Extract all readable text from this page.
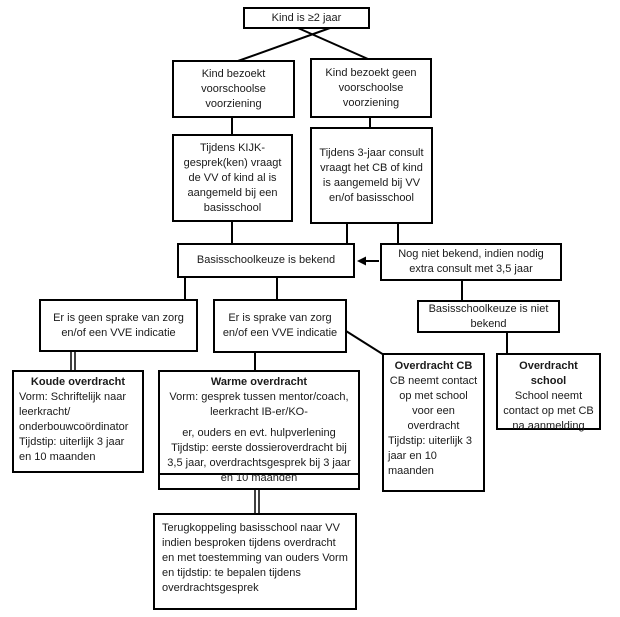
Kind is ≥2 jaar
Kind bezoekt voorschoolse voorziening
Kind bezoekt geen voorschoolse voorziening
Tijdens KIJK-gesprek(ken) vraagt de VV of kind al is aangemeld bij een basisschool
Tijdens 3-jaar consult vraagt het CB of kind is aangemeld bij VV en/of basisschool
Basisschoolkeuze is bekend	Nog niet bekend, indien nodig extra consult met 3,5 jaar
Er is geen sprake van zorg en/of een VVE indicatie
Er is sprake van zorg en/of een VVE indicatie
Basisschoolkeuze is niet bekend
Koude overdracht
Vorm: Schriftelijk naar leerkracht/ onderbouwcoördinator Tijdstip: uiterlijk 3 jaar en 10 maanden
Warme overdracht
Vorm: gesprek tussen mentor/coach, leerkracht IB-er/KO-
er, ouders en evt. hulpverlening Tijdstip: eerste dossieroverdracht bij 3,5 jaar, overdrachtsgesprek bij 3 jaar en 10 maanden
Overdracht CB
CB neemt contact op met school voor een overdracht
Tijdstip: uiterlijk 3 jaar en 10 maanden
Overdracht school
School neemt contact op met CB na aanmelding
Terugkoppeling basisschool naar VV indien besproken tijdens overdracht en met toestemming van ouders Vorm en tijdstip: te bepalen tijdens overdrachtsgesprek
